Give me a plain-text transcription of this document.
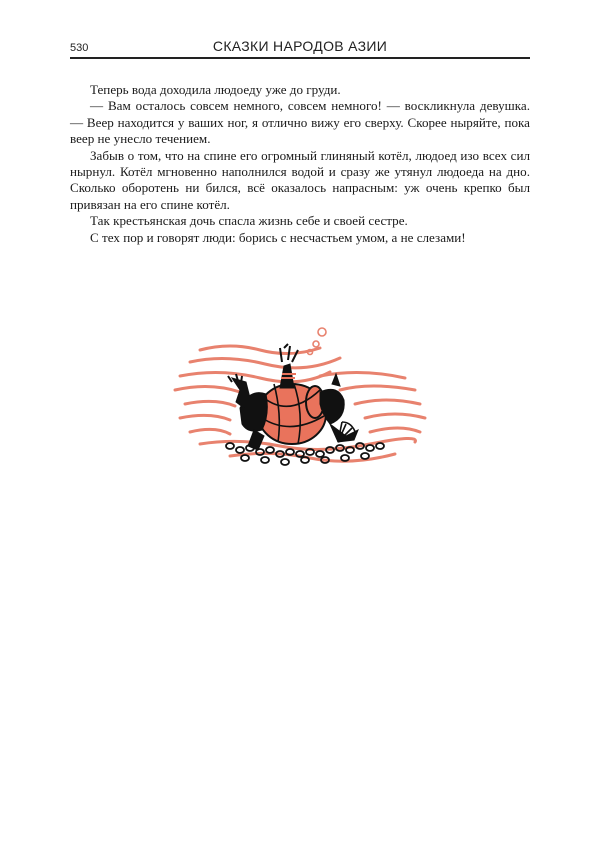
530	СКАЗКИ НАРОДОВ АЗИИ

Теперь вода доходила людоеду уже до груди.

— Вам осталось совсем немного, совсем немного! — воскликнула девушка. — Веер находится у ваших ног, я отлично вижу его сверху. Скорее ныряйте, пока веер не унесло течением.

Забыв о том, что на спине его огромный глиняный котёл, людоед изо всех сил нырнул. Котёл мгновенно наполнился водой и сразу же утянул людоеда на дно. Сколько оборотень ни бился, всё оказалось напрасным: уж очень крепко был привязан на его спине котёл.

Так крестьянская дочь спасла жизнь себе и своей сестре.

С тех пор и говорят люди: борись с несчастьем умом, а не слезами!
